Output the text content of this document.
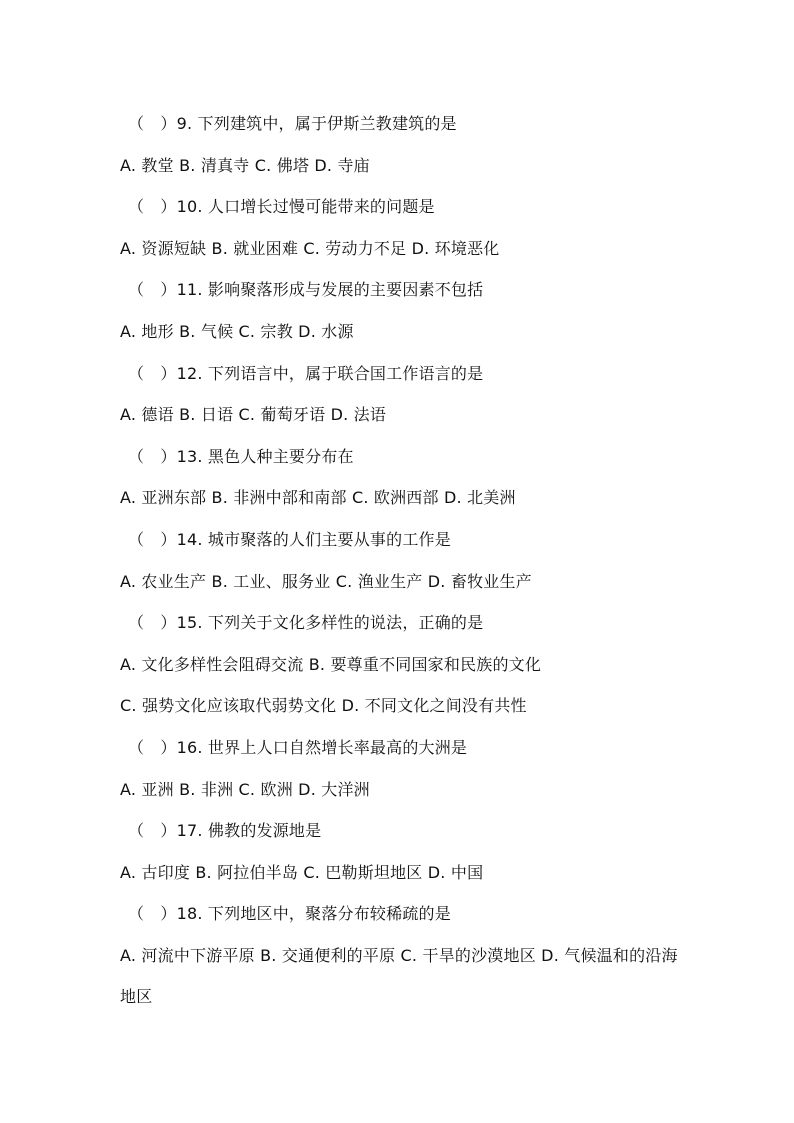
（　）9. 下列建筑中，属于伊斯兰教建筑的是
A. 教堂 B. 清真寺 C. 佛塔 D. 寺庙
（　）10. 人口增长过慢可能带来的问题是
A. 资源短缺 B. 就业困难 C. 劳动力不足 D. 环境恶化
（　）11. 影响聚落形成与发展的主要因素不包括
A. 地形 B. 气候 C. 宗教 D. 水源
（　）12. 下列语言中，属于联合国工作语言的是
A. 德语 B. 日语 C. 葡萄牙语 D. 法语
（　）13. 黑色人种主要分布在
A. 亚洲东部 B. 非洲中部和南部 C. 欧洲西部 D. 北美洲
（　）14. 城市聚落的人们主要从事的工作是
A. 农业生产 B. 工业、服务业 C. 渔业生产 D. 畜牧业生产
（　）15. 下列关于文化多样性的说法，正确的是
A. 文化多样性会阻碍交流 B. 要尊重不同国家和民族的文化
C. 强势文化应该取代弱势文化 D. 不同文化之间没有共性
（　）16. 世界上人口自然增长率最高的大洲是
A. 亚洲 B. 非洲 C. 欧洲 D. 大洋洲
（　）17. 佛教的发源地是
A. 古印度 B. 阿拉伯半岛 C. 巴勒斯坦地区 D. 中国
（　）18. 下列地区中，聚落分布较稀疏的是
A. 河流中下游平原 B. 交通便利的平原 C. 干旱的沙漠地区 D. 气候温和的沿海地区
